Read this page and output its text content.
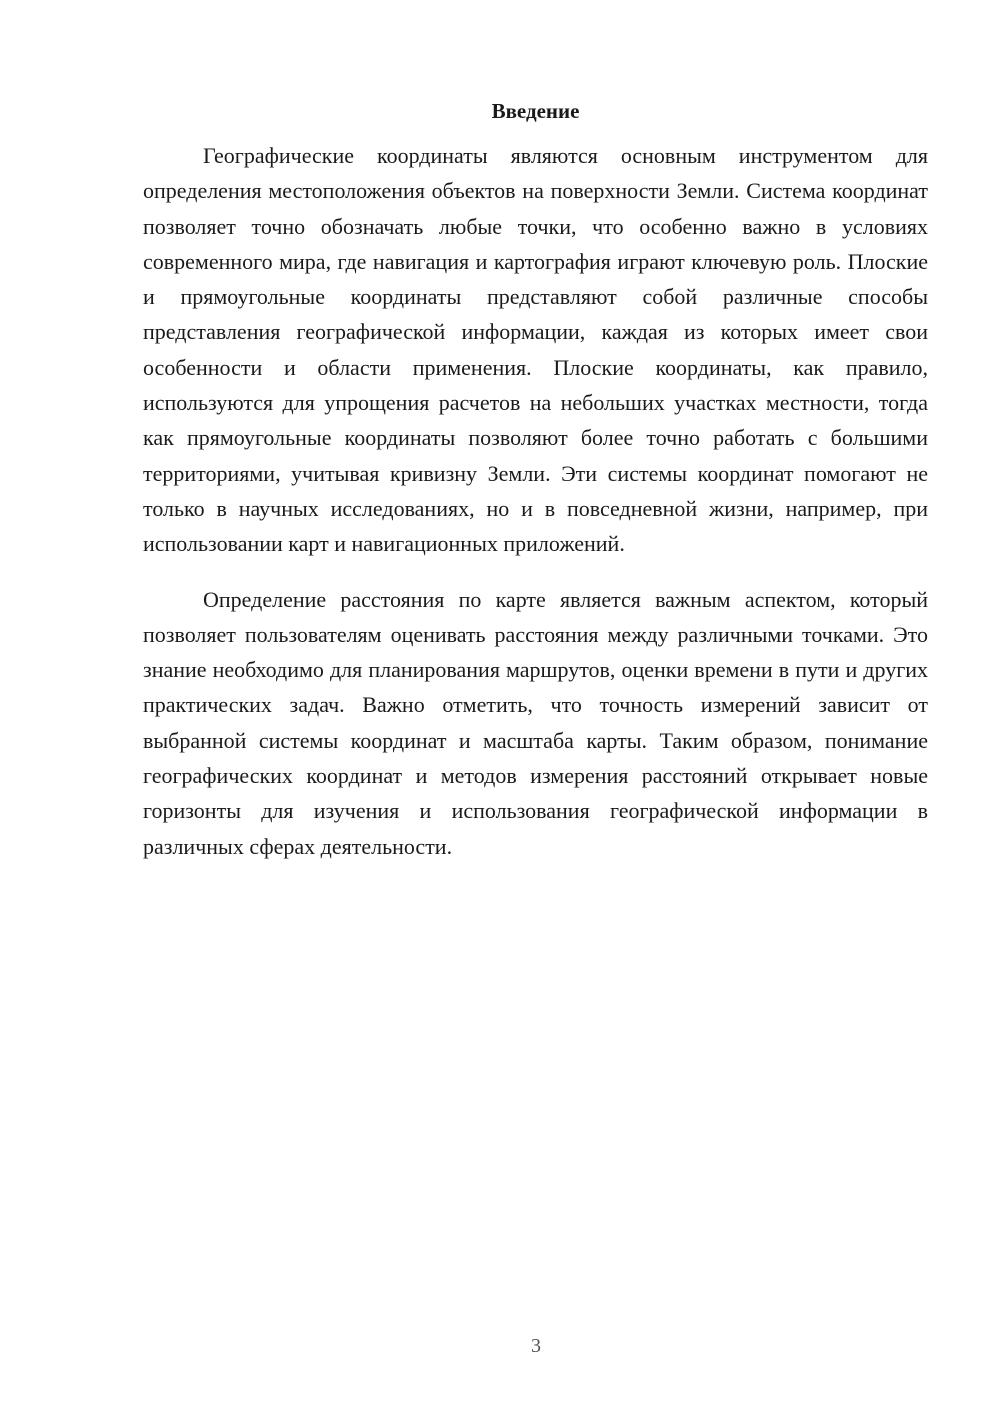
Введение

Географические координаты являются основным инструментом для определения местоположения объектов на поверхности Земли. Система координат позволяет точно обозначать любые точки, что особенно важно в условиях современного мира, где навигация и картография играют ключевую роль. Плоские и прямоугольные координаты представляют собой различные способы представления географической информации, каждая из которых имеет свои особенности и области применения. Плоские координаты, как правило, используются для упрощения расчетов на небольших участках местности, тогда как прямоугольные координаты позволяют более точно работать с большими территориями, учитывая кривизну Земли. Эти системы координат помогают не только в научных исследованиях, но и в повседневной жизни, например, при использовании карт и навигационных приложений.

Определение расстояния по карте является важным аспектом, который позволяет пользователям оценивать расстояния между различными точками. Это знание необходимо для планирования маршрутов, оценки времени в пути и других практических задач. Важно отметить, что точность измерений зависит от выбранной системы координат и масштаба карты. Таким образом, понимание географических координат и методов измерения расстояний открывает новые горизонты для изучения и использования географической информации в различных сферах деятельности.

3
